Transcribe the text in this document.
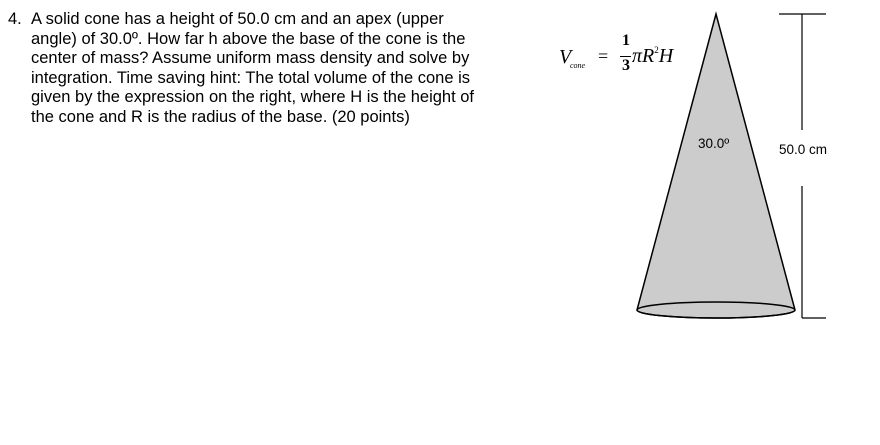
4. A solid cone has a height of 50.0 cm and an apex (upper
angle) of 30.0º. How far h above the base of the cone is the
center of mass? Assume uniform mass density and solve by
integration. Time saving hint: The total volume of the cone is
given by the expression on the right, where H is the height of
the cone and R is the radius of the base. (20 points)
V
cone =
1
3 $\pi R^2H$
30.0º	50.0 cm
